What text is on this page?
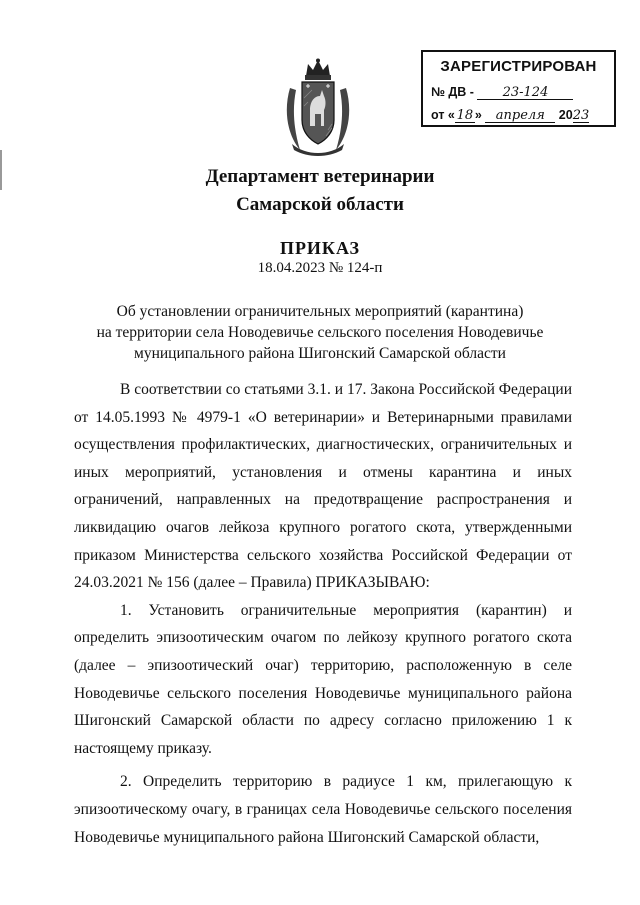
ЗАРЕГИСТРИРОВАН
№ ДВ - 23-124
от « 18 » апреля 2023
Департамент ветеринарии
Самарской области
ПРИКАЗ
18.04.2023 № 124-п
Об установлении ограничительных мероприятий (карантина)
на территории села Новодевичье сельского поселения Новодевичье
муниципального района Шигонский Самарской области

В соответствии со статьями 3.1. и 17. Закона Российской Федерации от 14.05.1993 № 4979-1 «О ветеринарии» и Ветеринарными правилами осуществления профилактических, диагностических, ограничительных и иных мероприятий, установления и отмены карантина и иных ограничений, направленных на предотвращение распространения и ликвидацию очагов лейкоза крупного рогатого скота, утвержденными приказом Министерства сельского хозяйства Российской Федерации от 24.03.2021 № 156 (далее – Правила) ПРИКАЗЫВАЮ:

1. Установить ограничительные мероприятия (карантин) и определить эпизоотическим очагом по лейкозу крупного рогатого скота (далее – эпизоотический очаг) территорию, расположенную в селе Новодевичье сельского поселения Новодевичье муниципального района Шигонский Самарской области по адресу согласно приложению 1 к настоящему приказу.

2. Определить территорию в радиусе 1 км, прилегающую к эпизоотическому очагу, в границах села Новодевичье сельского поселения Новодевичье муниципального района Шигонский Самарской области,
